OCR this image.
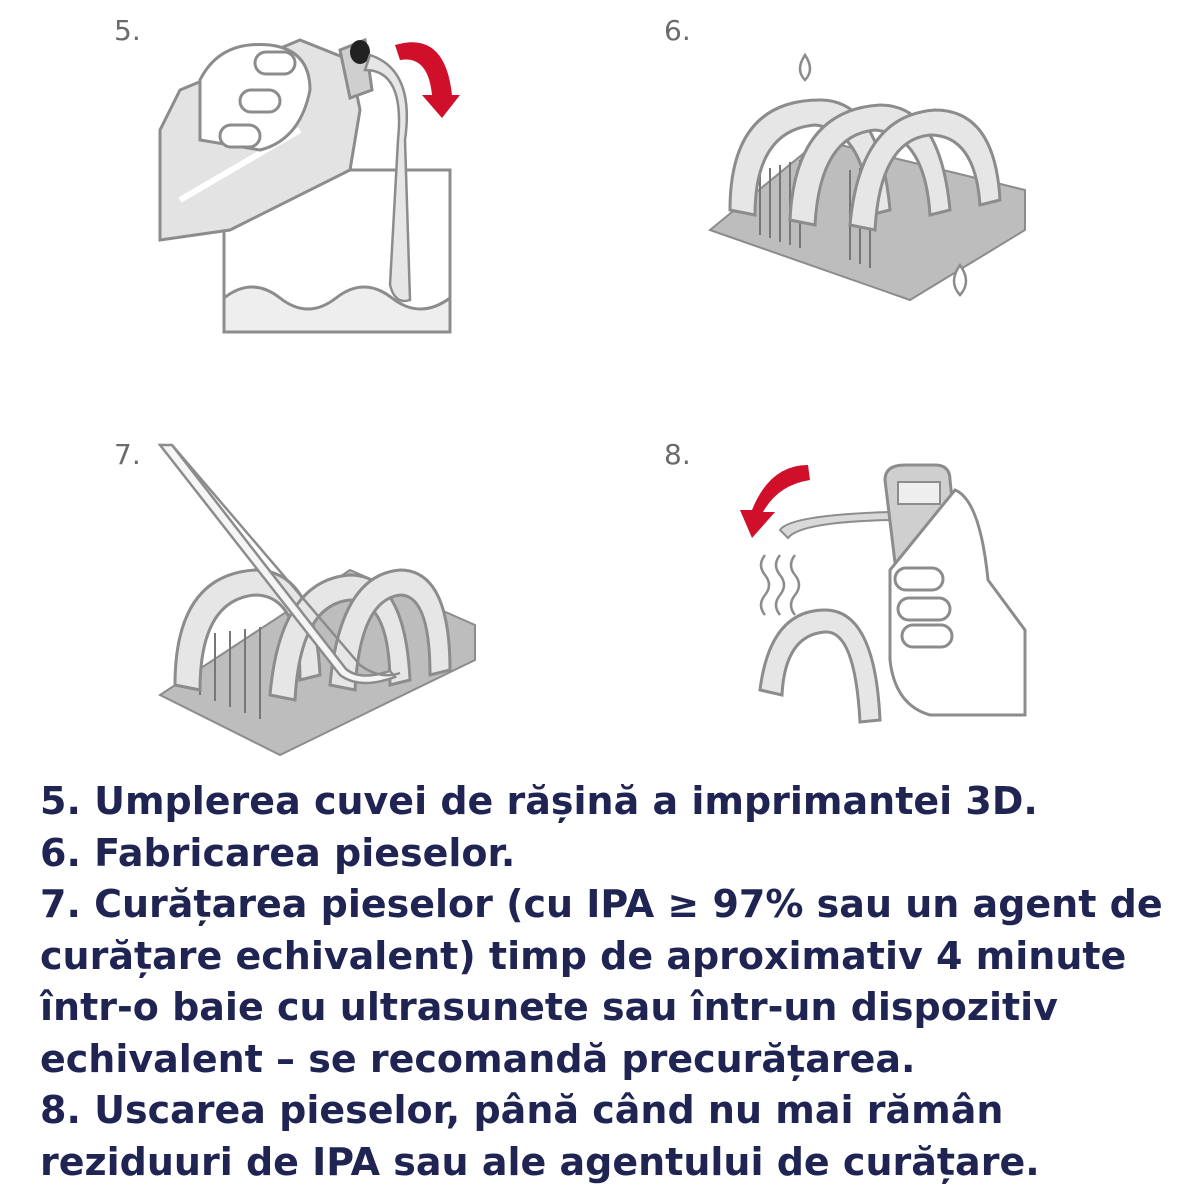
5.	6.
7.	8.

5. Umplerea cuvei de rășină a imprimantei 3D.

6. Fabricarea pieselor.

7. Curățarea pieselor (cu IPA ≥ 97% sau un agent de

curățare echivalent) timp de aproximativ 4 minute

într-o baie cu ultrasunete sau într-un dispozitiv

echivalent – se recomandă precurățarea.

8. Uscarea pieselor, până când nu mai rămân

reziduuri de IPA sau ale agentului de curățare.
